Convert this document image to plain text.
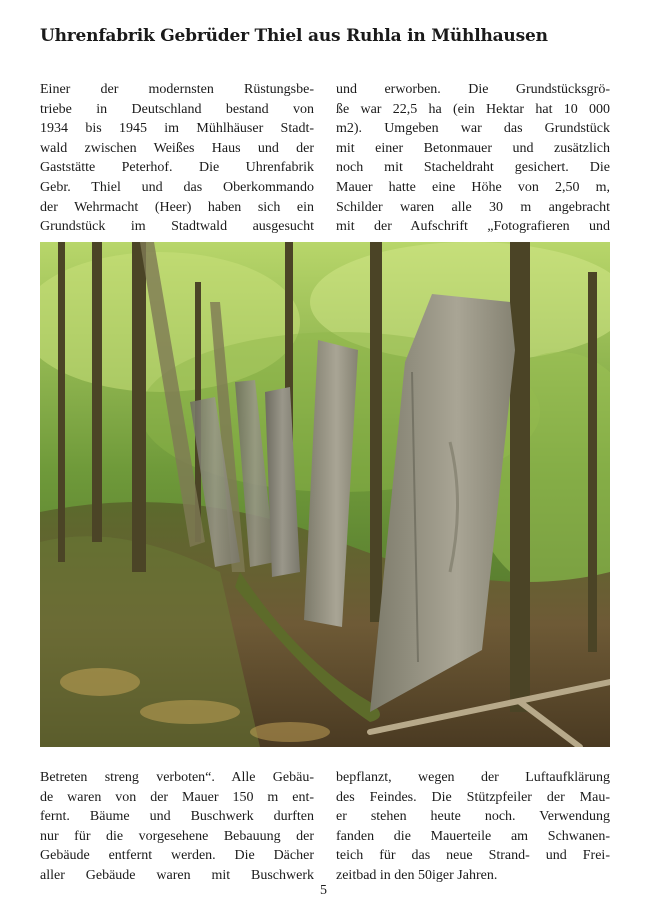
Uhrenfabrik Gebrüder Thiel aus Ruhla in Mühlhausen
Einer der modernsten Rüstungsbe-
triebe in Deutschland bestand von
1934 bis 1945 im Mühlhäuser Stadt-
wald zwischen Weißes Haus und der
Gaststätte Peterhof. Die Uhrenfabrik
Gebr. Thiel und das Oberkommando
der Wehrmacht (Heer) haben sich ein
Grundstück im Stadtwald ausgesucht
und erworben. Die Grundstücksgrö-
ße war 22,5 ha (ein Hektar hat 10 000
m2). Umgeben war das Grundstück
mit einer Betonmauer und zusätzlich
noch mit Stacheldraht gesichert. Die
Mauer hatte eine Höhe von 2,50 m,
Schilder waren alle 30 m angebracht
mit der Aufschrift „Fotografieren und
Betreten streng verboten“. Alle Gebäu-
de waren von der Mauer 150 m ent-
fernt. Bäume und Buschwerk durften
nur für die vorgesehene Bebauung der
Gebäude entfernt werden. Die Dächer
aller Gebäude waren mit Buschwerk
bepflanzt, wegen der Luftaufklärung
des Feindes. Die Stützpfeiler der Mau-
er stehen heute noch. Verwendung
fanden die Mauerteile am Schwanen-
teich für das neue Strand- und Frei-
zeitbad in den 50iger Jahren.
5
